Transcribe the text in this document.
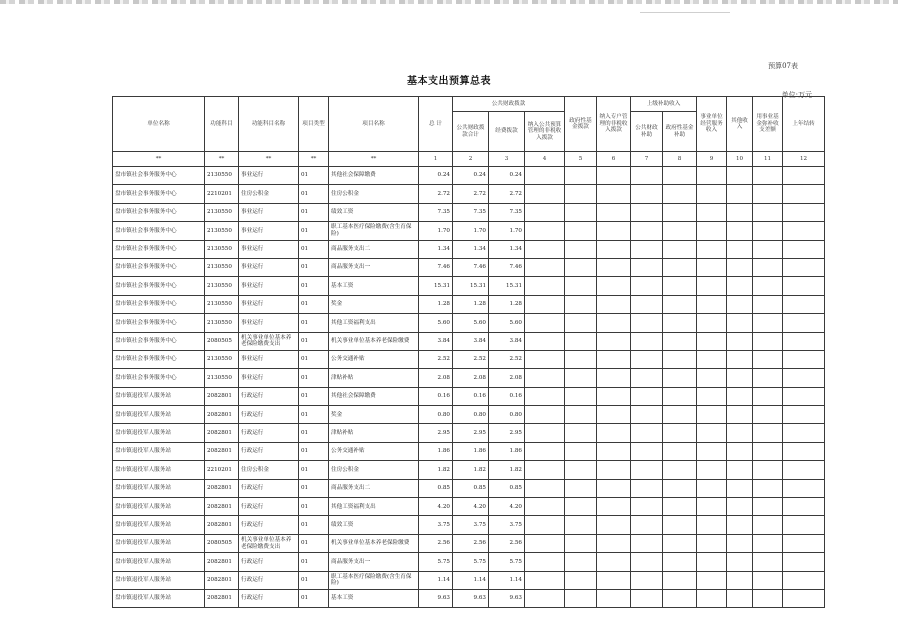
预算07表
基本支出预算总表
单位:万元
单位名称	功能科目	功能科目名称	项目类型	项目名称	总 计	公共财政拨款			政府性基金拨款	纳入专户管理的非税收入拨款	上级补助收入		事业单位经营服务收入	其他收入	用事业基金弥补收支差额	上年结转
						公共财政拨款合计	经费拨款	纳入公共预算管理的非税收入拨款			公共财政补助	政府性基金补助				
**	**	**	**	**	1	2	3	4	5	6	7	8	9	10	11	12
盘市镇社会事务服务中心	2130550	事业运行	01	其他社会保障缴费	0.24	0.24	0.24									
盘市镇社会事务服务中心	2210201	住房公积金	01	住房公积金	2.72	2.72	2.72									
盘市镇社会事务服务中心	2130550	事业运行	01	绩效工资	7.35	7.35	7.35									
盘市镇社会事务服务中心	2130550	事业运行	01	职工基本医疗保险缴费(含生育保险)	1.70	1.70	1.70									
盘市镇社会事务服务中心	2130550	事业运行	01	商品服务支出二	1.34	1.34	1.34									
盘市镇社会事务服务中心	2130550	事业运行	01	商品服务支出一	7.46	7.46	7.46									
盘市镇社会事务服务中心	2130550	事业运行	01	基本工资	15.31	15.31	15.31									
盘市镇社会事务服务中心	2130550	事业运行	01	奖金	1.28	1.28	1.28									
盘市镇社会事务服务中心	2130550	事业运行	01	其他工资福利支出	5.60	5.60	5.60									
盘市镇社会事务服务中心	2080505	机关事业单位基本养老保险缴费支出	01	机关事业单位基本养老保险缴费	3.84	3.84	3.84									
盘市镇社会事务服务中心	2130550	事业运行	01	公务交通补贴	2.52	2.52	2.52									
盘市镇社会事务服务中心	2130550	事业运行	01	津贴补贴	2.08	2.08	2.08									
盘市镇退役军人服务站	2082801	行政运行	01	其他社会保障缴费	0.16	0.16	0.16									
盘市镇退役军人服务站	2082801	行政运行	01	奖金	0.80	0.80	0.80									
盘市镇退役军人服务站	2082801	行政运行	01	津贴补贴	2.95	2.95	2.95									
盘市镇退役军人服务站	2082801	行政运行	01	公务交通补贴	1.86	1.86	1.86									
盘市镇退役军人服务站	2210201	住房公积金	01	住房公积金	1.82	1.82	1.82									
盘市镇退役军人服务站	2082801	行政运行	01	商品服务支出二	0.85	0.85	0.85									
盘市镇退役军人服务站	2082801	行政运行	01	其他工资福利支出	4.20	4.20	4.20									
盘市镇退役军人服务站	2082801	行政运行	01	绩效工资	3.75	3.75	3.75									
盘市镇退役军人服务站	2080505	机关事业单位基本养老保险缴费支出	01	机关事业单位基本养老保险缴费	2.56	2.56	2.56									
盘市镇退役军人服务站	2082801	行政运行	01	商品服务支出一	5.75	5.75	5.75									
盘市镇退役军人服务站	2082801	行政运行	01	职工基本医疗保险缴费(含生育保险)	1.14	1.14	1.14									
盘市镇退役军人服务站	2082801	行政运行	01	基本工资	9.63	9.63	9.63									
